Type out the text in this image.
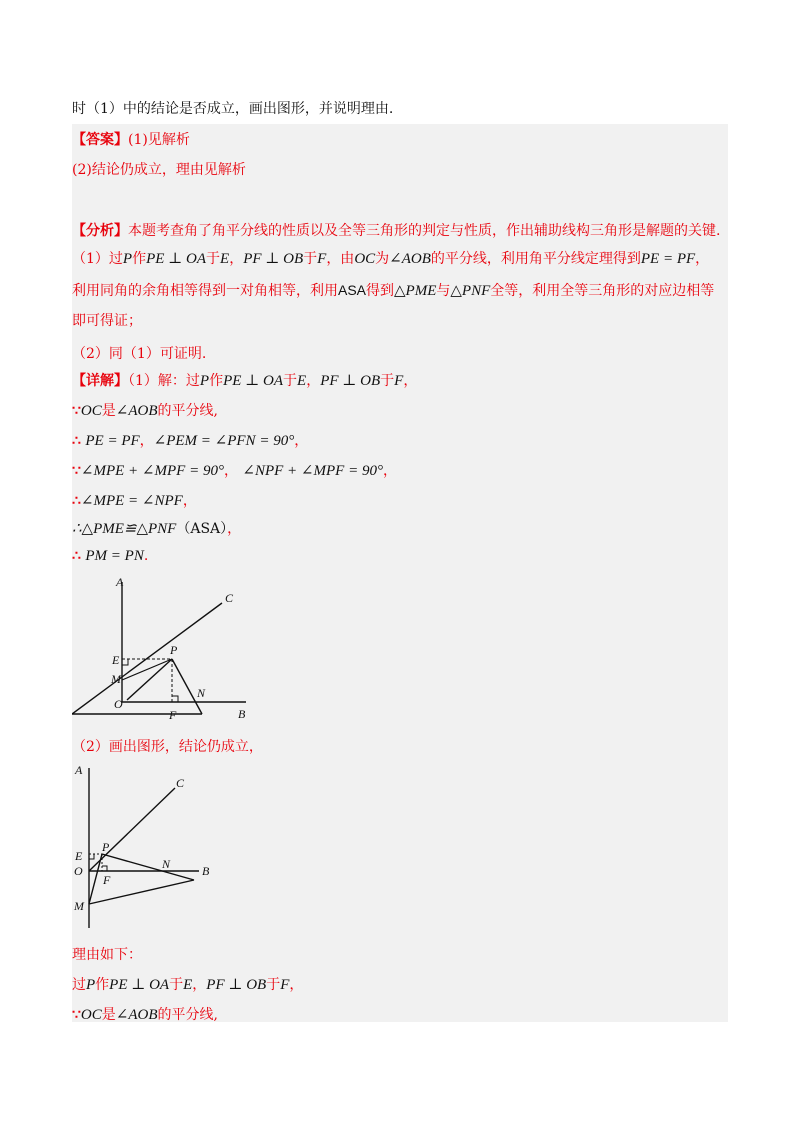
时（1）中的结论是否成立，画出图形，并说明理由.
【答案】(1)见解析
(2)结论仍成立，理由见解析
【分析】本题考查角了角平分线的性质以及全等三角形的判定与性质，作出辅助线构三角形是解题的关键.
（1）过P作PE ⊥ OA于E，PF ⊥ OB于F，由OC为∠AOB的平分线，利用角平分线定理得到PE = PF，
利用同角的余角相等得到一对角相等，利用ASA得到△PME与△PNF全等，利用全等三角形的对应边相等
即可得证；
（2）同（1）可证明.
【详解】（1）解：过P作PE ⊥ OA于E，PF ⊥ OB于F，
∵OC是∠AOB的平分线,
∴ PE = PF，∠PEM = ∠PFN = 90°，
∵∠MPE + ∠MPF = 90°， ∠NPF + ∠MPF = 90°，
∴∠MPE = ∠NPF，
∴△PME≌△PNF（ASA），
∴ PM = PN.
A
C
E
P
M
N
O
F	B
（2）画出图形，结论仍成立，
A
C
E
P
N	B
O
F
M
理由如下：
过P作PE ⊥ OA于E，PF ⊥ OB于F，
∵OC是∠AOB的平分线,
